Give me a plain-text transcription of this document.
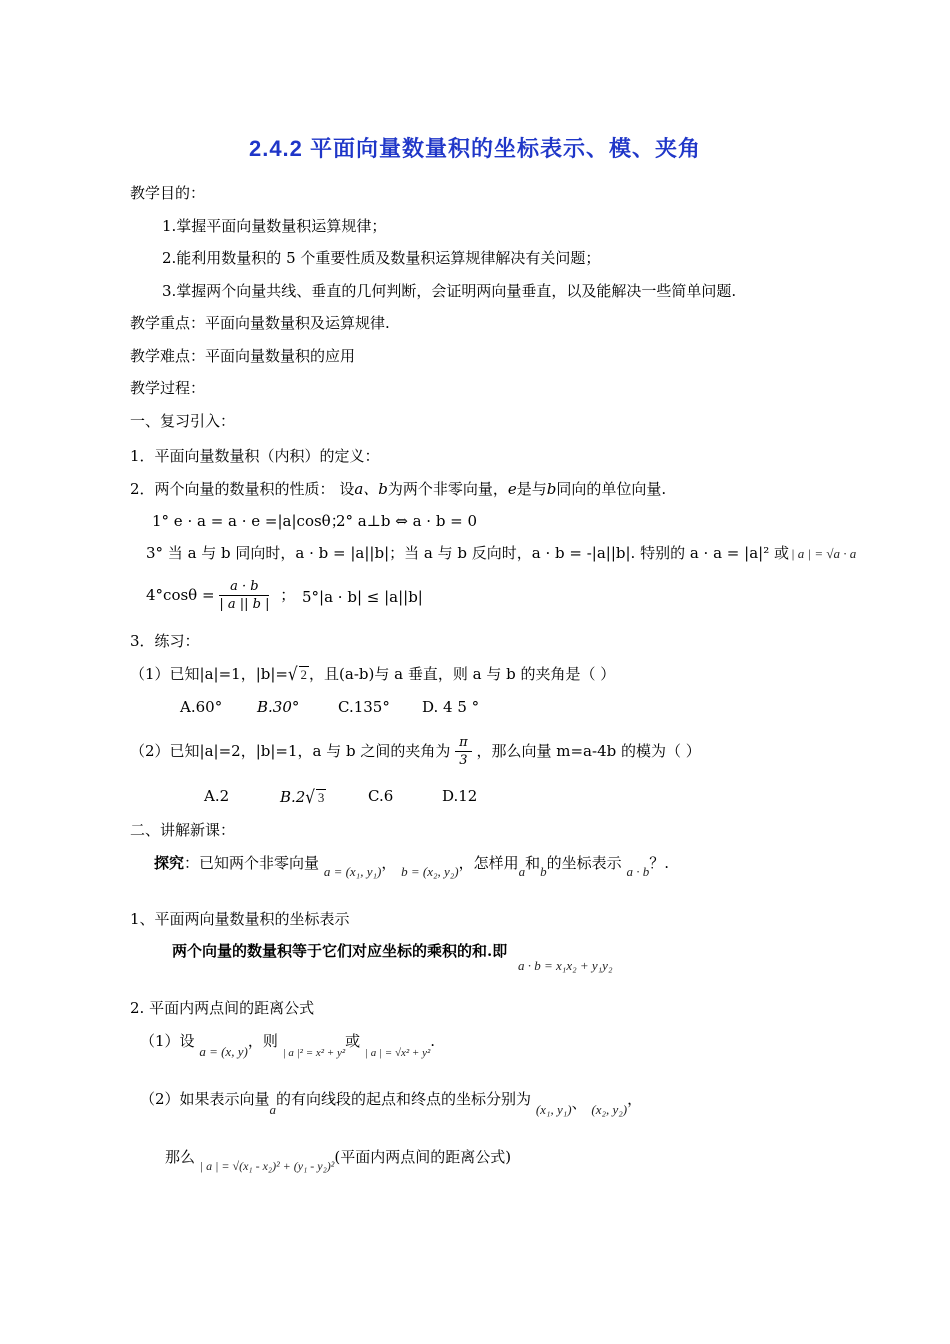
2.4.2 平面向量数量积的坐标表示、模、夹角
教学目的：
1.掌握平面向量数量积运算规律；
2.能利用数量积的 5 个重要性质及数量积运算规律解决有关问题；
3.掌握两个向量共线、垂直的几何判断，会证明两向量垂直，以及能解决一些简单问题.
教学重点：平面向量数量积及运算规律.
教学难点：平面向量数量积的应用
教学过程：
一、复习引入：
1．平面向量数量积（内积）的定义：
2．两个向量的数量积的性质： 设a、b为两个非零向量，e是与b同向的单位向量.
1° e · a = a · e =|a|cosθ；
2° a⊥b ⇔ a · b = 0
3° 当 a 与 b 同向时，a · b = |a||b|；当 a 与 b 反向时，a · b = -|a||b|. 特别的 a · a = |a|² 或 | a | = √a · a
$4^\circ\cos\theta = \frac{a \cdot b}{| a || b |}$ ； 5°|a · b| ≤ |a||b|
3．练习：
（1）已知|a|=1，|b|=√ 2 ，且(a-b)与 a 垂直，则 a 与 b 的夹角是（ ）
A.60° B.30°	C.135° D. 4 5 °
（2）已知|a|=2，|b|=1，a 与 b 之间的夹角为 $\frac{\pi}{3}$ ，那么向量 m=a-4b 的模为（ ）
A.2	B.2√ 3	C.6	D.12
二、讲解新课：
探究：已知两个非零向量 a = (x₁, y₁)， b = (x₂, y₂)，怎样用a和b的坐标表示 a · b？.
1、平面两向量数量积的坐标表示
两个向量的数量积等于它们对应坐标的乘积的和.即 a · b = x₁x₂ + y₁y₂
2. 平面内两点间的距离公式
（1）设 a = (x, y)，则 $_{| a |^2 = x^2 + y^2}$或 $_{| a | = √x^2 + y^2}$.
（2）如果表示向量a的有向线段的起点和终点的坐标分别为 (x₁, y₁)、 (x₂, y₂)，
那么 $_{| a | = √(x_1 - x_2)^2 + (y_1 - y_2)^2}$(平面内两点间的距离公式)
